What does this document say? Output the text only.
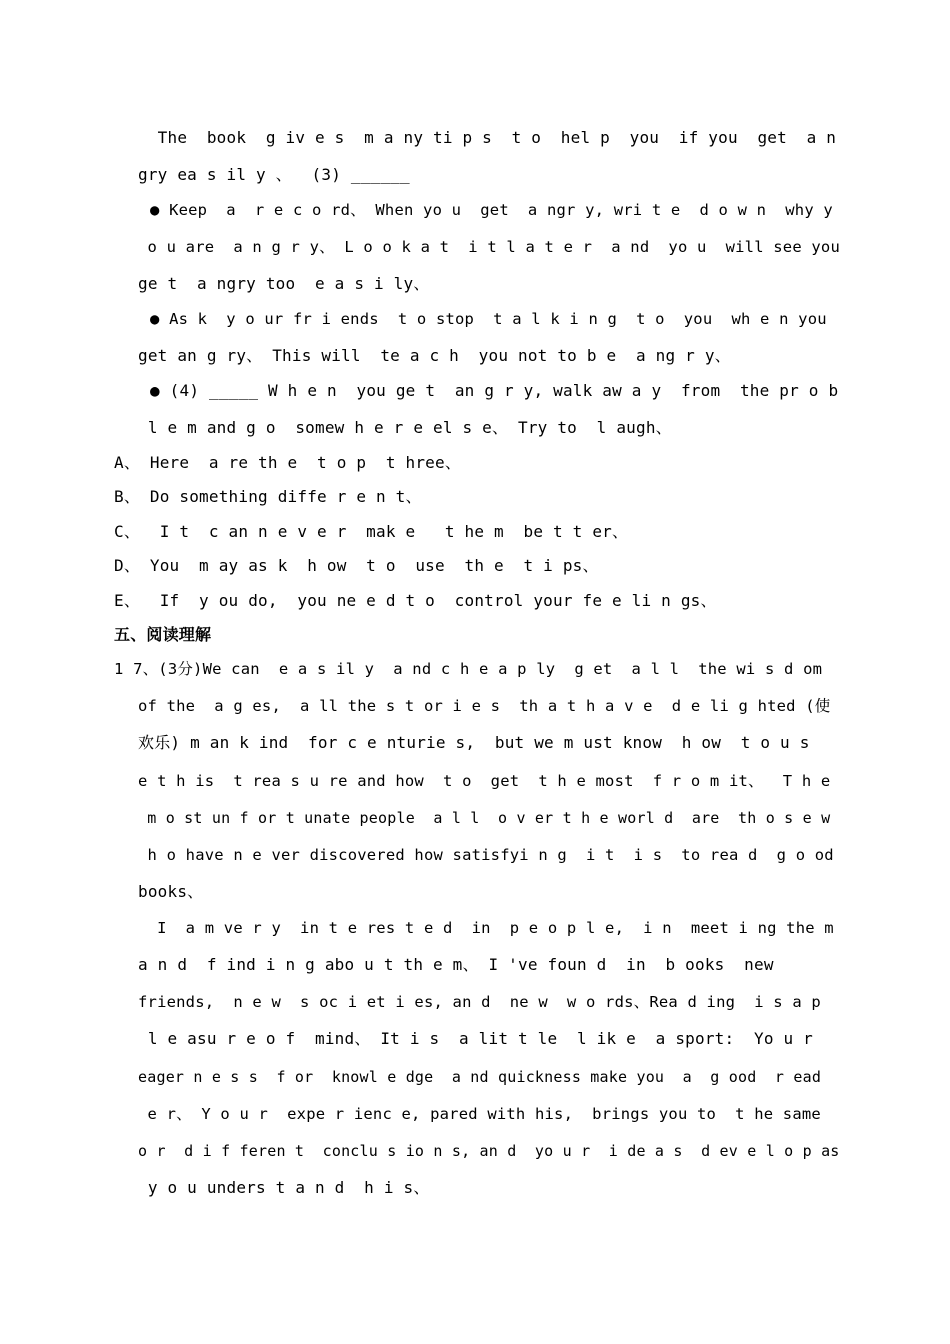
The  book  g iv e s  m a ny ti p s  t o  hel p  you  if you  get  a n
gry ea s il y 、  (3) ______
● Keep  a  r e c o rd、 When yo u  get  a ngr y, wri t e  d o w n  why y
o u are  a n g r y、 L o o k a t  i t l a t e r  a nd  yo u  will see you
ge t  a ngry too  e a s i ly、
● As k  y o ur fr i ends  t o stop  t a l k i n g  t o  you  wh e n you
get an g ry、 This will  te a c h  you not to b e  a ng r y、
● (4) _____ W h e n  you ge t  an g r y, walk aw a y  from  the pr o b
l e m and g o  somew h e r e el s e、 Try to  l augh、
A、 Here  a re th e  t o p  t hree、
B、 Do something diffe r e n t、
C、  I t  c an n e v e r  mak e   t he m  be t t er、
D、 You  m ay as k  h ow  t o  use  th e  t i ps、
E、  If  y ou do,  you ne e d t o  control your fe e li n gs、
五、阅读理解
1 7、(3分)We can  e a s il y  a nd c h e a p ly  g et  a l l  the wi s d om
of the  a g es,  a ll the s t or i e s  th a t h a v e  d e li g hted (使
欢乐) m an k ind  for c e nturie s,  but we m ust know  h ow  t o u s
e t h is  t rea s u re and how  t o  get  t h e most  f r o m it、  T h e
m o st un f or t unate people  a l l  o v er t h e worl d  are  th o s e w
h o have n e ver discovered how satisfyi n g  i t  i s  to rea d  g o od
books、
I  a m ve r y  in t e res t e d  in  p e o p l e,  i n  meet i ng the m
a n d  f ind i n g abo u t th e m、 I 've foun d  in  b ooks  new
friends,  n e w  s oc i et i es, an d  ne w  w o rds、Rea d ing  i s a p
l e asu r e o f  mind、 It i s  a lit t le  l ik e  a sport:  Yo u r
eager n e s s  f or  knowl e dge  a nd quickness make you  a  g ood  r ead
e r、 Y o u r  expe r ienc e, pared with his,  brings you to  t he same
o r  d i f feren t  conclu s io n s, an d  yo u r  i de a s  d ev e l o p as
y o u unders t a n d  h i s、
